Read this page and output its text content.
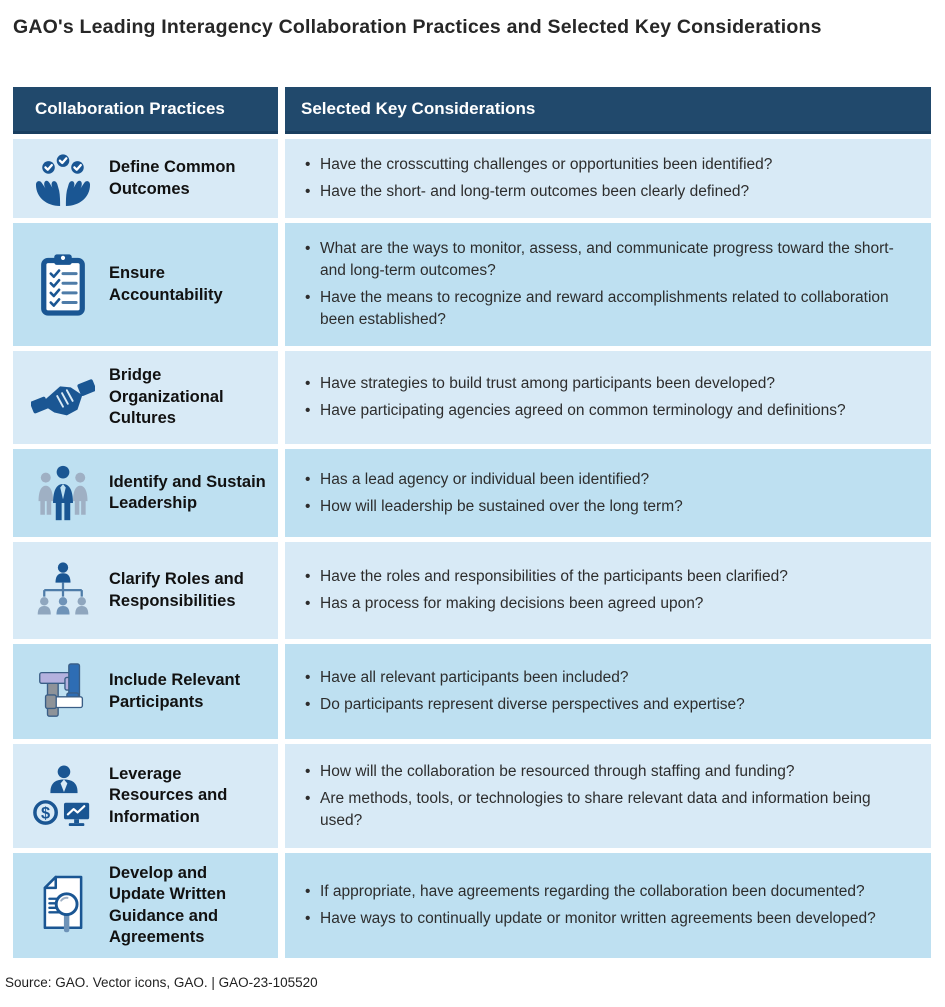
GAO's Leading Interagency Collaboration Practices and Selected Key Considerations
Collaboration Practices	Selected Key Considerations
Define Common Outcomes
• Have the crosscutting challenges or opportunities been identified?
• Have the short- and long-term outcomes been clearly defined?
Ensure Accountability
• What are the ways to monitor, assess, and communicate progress toward the short- and long-term outcomes?
• Have the means to recognize and reward accomplishments related to collaboration been established?
Bridge Organizational Cultures
• Have strategies to build trust among participants been developed?
• Have participating agencies agreed on common terminology and definitions?
Identify and Sustain Leadership
• Has a lead agency or individual been identified?
• How will leadership be sustained over the long term?
Clarify Roles and Responsibilities
• Have the roles and responsibilities of the participants been clarified?
• Has a process for making decisions been agreed upon?
Include Relevant Participants
• Have all relevant participants been included?
• Do participants represent diverse perspectives and expertise?
$
Leverage Resources and Information
• How will the collaboration be resourced through staffing and funding?
• Are methods, tools, or technologies to share relevant data and information being used?
Develop and Update Written Guidance and Agreements
• If appropriate, have agreements regarding the collaboration been documented?
• Have ways to continually update or monitor written agreements been developed?
Source: GAO. Vector icons, GAO. | GAO-23-105520
